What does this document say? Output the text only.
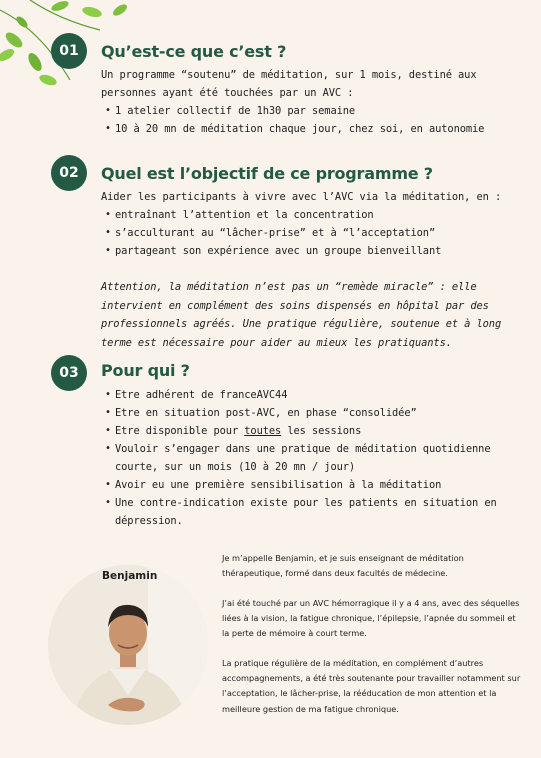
01	Qu’est-ce que c’est ?
Un programme “soutenu” de méditation, sur 1 mois, destiné aux personnes ayant été touchées par un AVC :
• 1 atelier collectif de 1h30 par semaine
• 10 à 20 mn de méditation chaque jour, chez soi, en autonomie
02	Quel est l’objectif de ce programme ?
Aider les participants à vivre avec l’AVC via la méditation, en :
• entraînant l’attention et la concentration
• s’acculturant au “lâcher-prise” et à “l’acceptation”
• partageant son expérience avec un groupe bienveillant
Attention, la méditation n’est pas un “remède miracle” : elle intervient en complément des soins dispensés en hôpital par des professionnels agréés. Une pratique régulière, soutenue et à long terme est nécessaire pour aider au mieux les pratiquants.
03	Pour qui ?
• Etre adhérent de franceAVC44
• Etre en situation post-AVC, en phase “consolidée”
• Etre disponible pour toutes les sessions
• Vouloir s’engager dans une pratique de méditation quotidienne courte, sur un mois (10 à 20 mn / jour)
• Avoir eu une première sensibilisation à la méditation
• Une contre-indication existe pour les patients en situation en dépression.
Benjamin
Je m’appelle Benjamin, et je suis enseignant de méditation thérapeutique, formé dans deux facultés de médecine.
J’ai été touché par un AVC hémorragique il y a 4 ans, avec des séquelles liées à la vision, la fatigue chronique, l’épilepsie, l’apnée du sommeil et la perte de mémoire à court terme.
La pratique régulière de la méditation, en complément d’autres accompagnements, a été très soutenante pour travailler notamment sur l’acceptation, le lâcher-prise, la rééducation de mon attention et la meilleure gestion de ma fatigue chronique.
